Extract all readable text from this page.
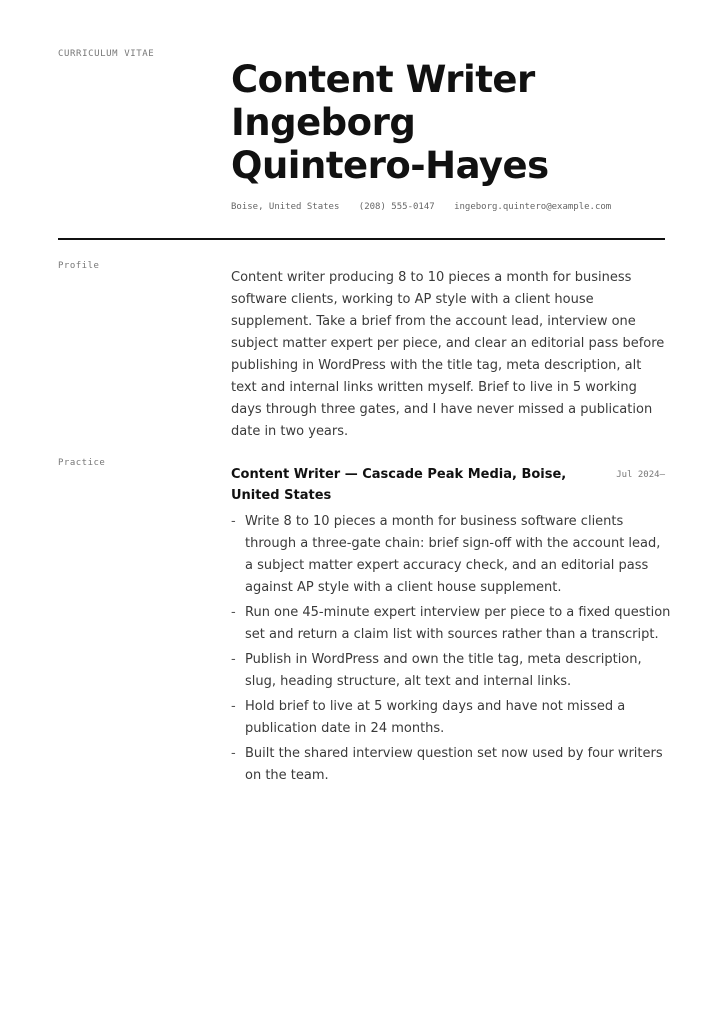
CURRICULUM VITAE
Content Writer
Ingeborg
Quintero-Hayes
Boise, United States (208) 555-0147 ingeborg.quintero@example.com
Profile

Content writer producing 8 to 10 pieces a month for business software clients, working to AP style with a client house supplement. Take a brief from the account lead, interview one subject matter expert per piece, and clear an editorial pass before publishing in WordPress with the title tag, meta description, alt text and internal links written myself. Brief to live in 5 working days through three gates, and I have never missed a publication date in two years.

Practice
Content Writer — Cascade Peak Media, Boise, United States
Jul 2024–
- Write 8 to 10 pieces a month for business software clients through a three-gate chain: brief sign-off with the account lead, a subject matter expert accuracy check, and an editorial pass against AP style with a client house supplement.
- Run one 45-minute expert interview per piece to a fixed question set and return a claim list with sources rather than a transcript.
- Publish in WordPress and own the title tag, meta description, slug, heading structure, alt text and internal links.
- Hold brief to live at 5 working days and have not missed a publication date in 24 months.
- Built the shared interview question set now used by four writers on the team.
